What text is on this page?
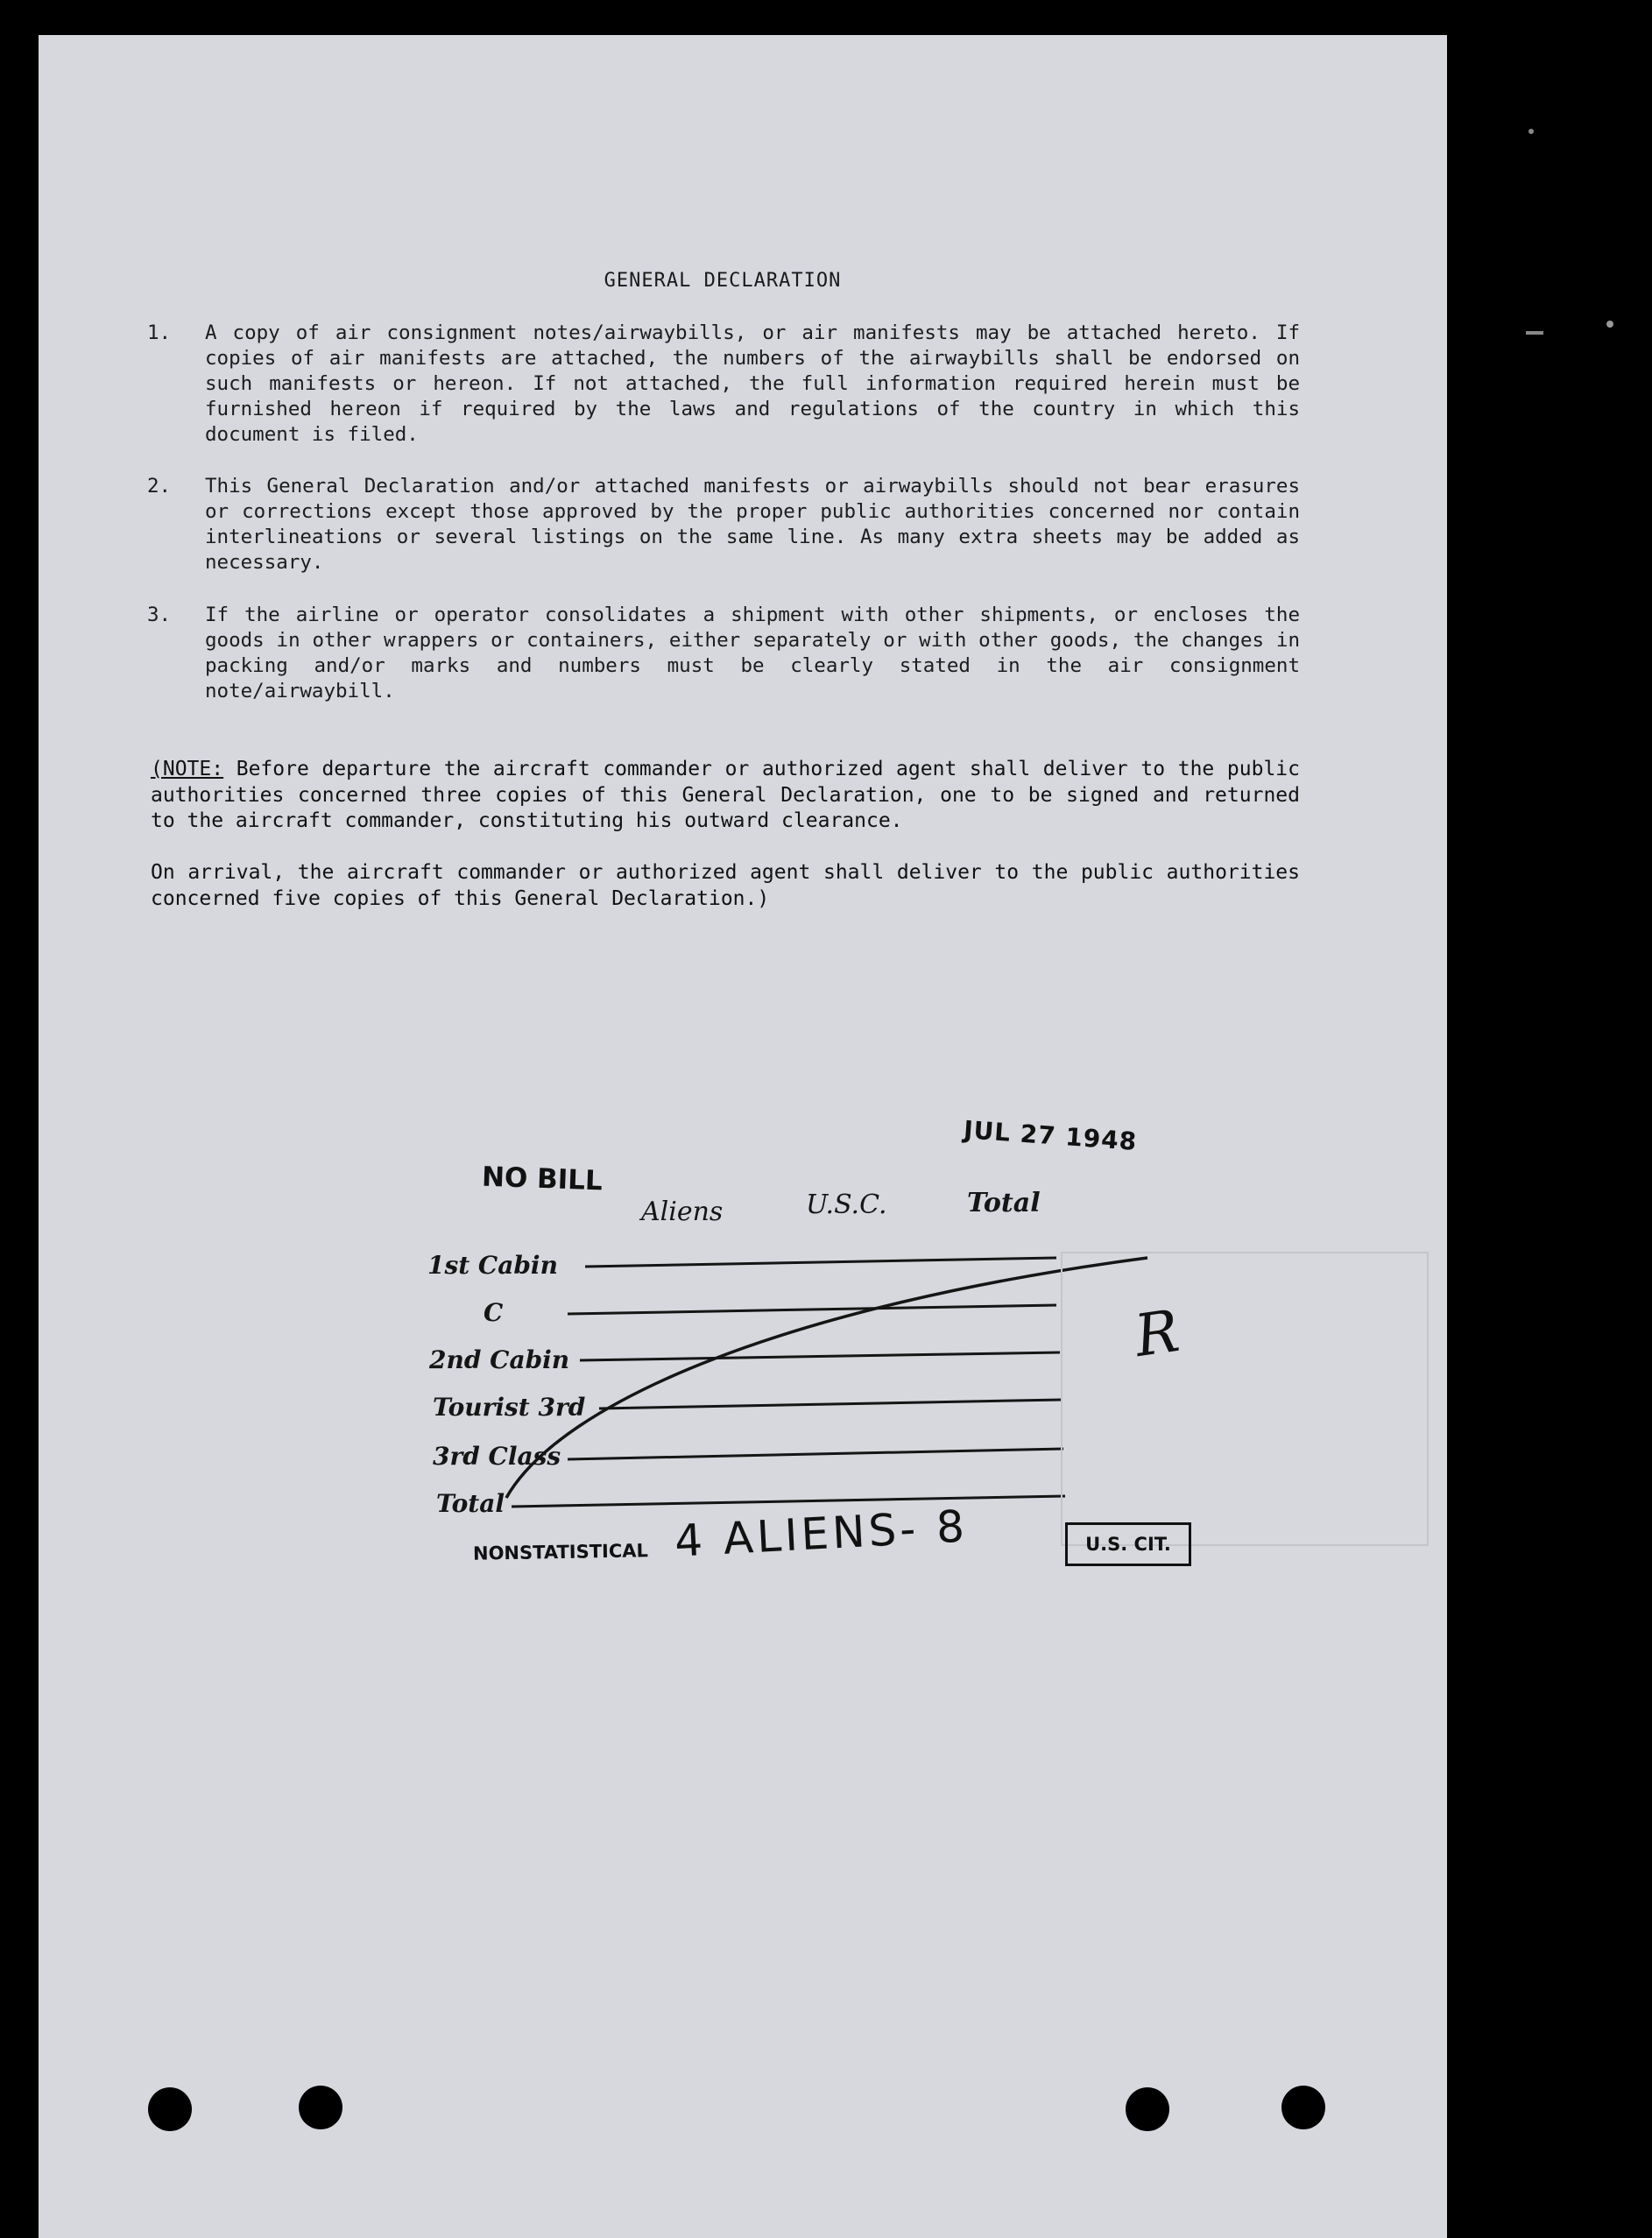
GENERAL DECLARATION
1.	A copy of air consignment notes/airwaybills, or air manifests may be attached hereto. If copies of air manifests are attached, the numbers of the airwaybills shall be endorsed on such manifests or hereon. If not attached, the full information required herein must be furnished hereon if required by the laws and regulations of the country in which this document is filed.
2.	This General Declaration and/or attached manifests or airwaybills should not bear erasures or corrections except those approved by the proper public authorities concerned nor contain interlineations or several listings on the same line. As many extra sheets may be added as necessary.
3.	If the airline or operator consolidates a shipment with other shipments, or encloses the goods in other wrappers or containers, either separately or with other goods, the changes in packing and/or marks and numbers must be clearly stated in the air consignment note/airwaybill.
(NOTE: Before departure the aircraft commander or authorized agent shall deliver to the public authorities concerned three copies of this General Declaration, one to be signed and returned to the aircraft commander, constituting his outward clearance.
On arrival, the aircraft commander or authorized agent shall deliver to the public authorities concerned five copies of this General Declaration.)
JUL 27 1948
NO BILL
Aliens	U.S.C.	Total
1st Cabin
C
2nd Cabin
Tourist 3rd
3rd Class
Total
R
NONSTATISTICAL 4 ALIENS- 8	U.S. CIT.
